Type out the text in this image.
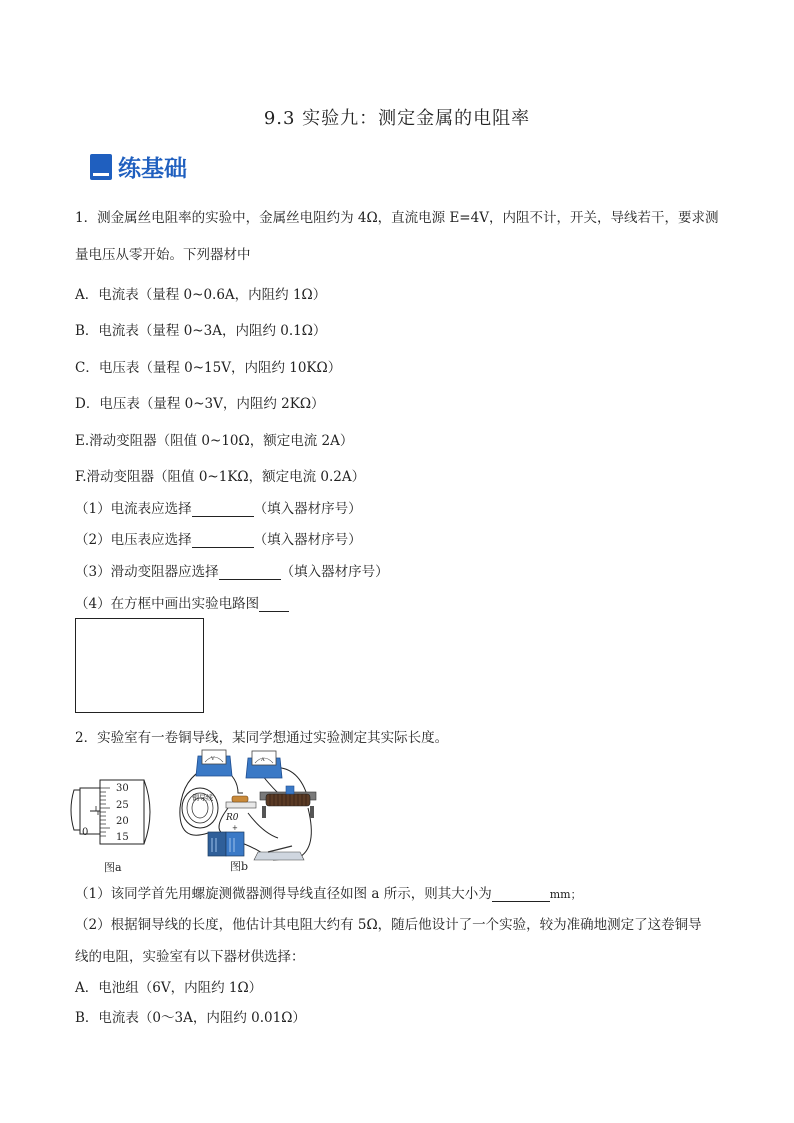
9.3 实验九：测定金属的电阻率
练基础
1．测金属丝电阻率的实验中，金属丝电阻约为 4Ω，直流电源 E=4V，内阻不计，开关，导线若干，要求测
量电压从零开始。下列器材中
A．电流表（量程 0~0.6A，内阻约 1Ω）
B．电流表（量程 0~3A，内阻约 0.1Ω）
C．电压表（量程 0~15V，内阻约 10KΩ）
D．电压表（量程 0~3V，内阻约 2KΩ）
E.滑动变阻器（阻值 0~10Ω，额定电流 2A）
F.滑动变阻器（阻值 0~1KΩ，额定电流 0.2A）
（1）电流表应选择	（填入器材序号）
（2）电压表应选择	（填入器材序号）
（3）滑动变阻器应选择	（填入器材序号）
（4）在方框中画出实验电路图
2．实验室有一卷铜导线，某同学想通过实验测定其实际长度。
30
25
20
15
0
图a
V	A
铜导线
R0
+
图b
（1）该同学首先用螺旋测微器测得导线直径如图 a 所示，则其大小为	mm；
（2）根据铜导线的长度，他估计其电阻大约有 5Ω，随后他设计了一个实验，较为准确地测定了这卷铜导
线的电阻，实验室有以下器材供选择：
A．电池组（6V，内阻约 1Ω）
B．电流表（0～3A，内阻约 0.01Ω）
